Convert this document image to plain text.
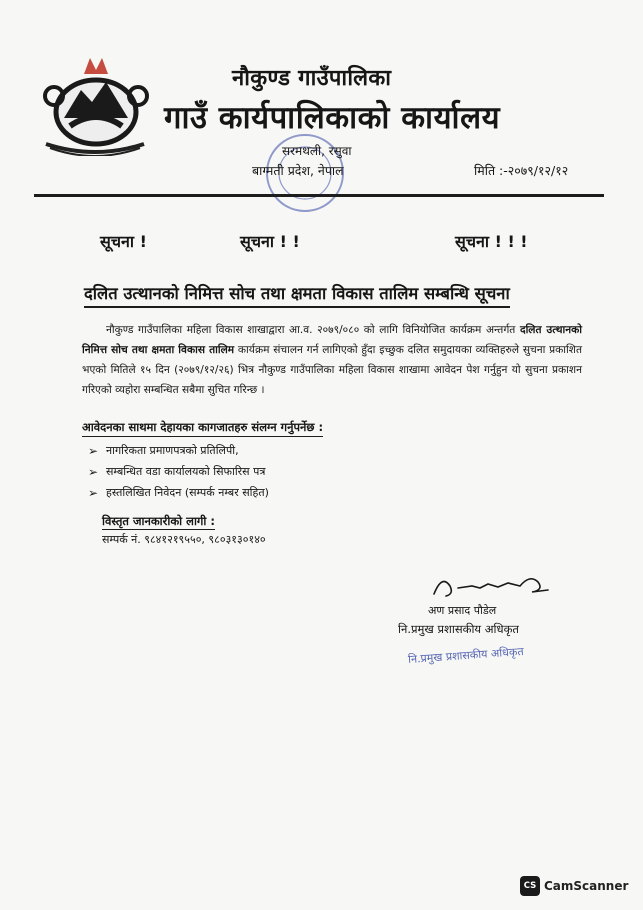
नौकुण्ड गाउँपालिका
गाउँ कार्यपालिकाको कार्यालय
सरमथली, रसुवा
बाग्मती प्रदेश, नेपाल	मिति :-२०७९/१२/१२
सूचना !	सूचना ! !	सूचना ! ! !
दलित उत्थानको निमित्त सोच तथा क्षमता विकास तालिम सम्बन्धि सूचना
नौकुण्ड गाउँपालिका महिला विकास शाखाद्वारा आ.व. २०७९/०८० को लागि विनियोजित कार्यक्रम अन्तर्गत दलित उत्थानको निमित्त सोच तथा क्षमता विकास तालिम कार्यक्रम संचालन गर्न लागिएको हुँदा इच्छुक दलित समुदायका व्यक्तिहरुले सुचना प्रकाशित भएको मितिले १५ दिन (२०७९/१२/२६) भित्र नौकुण्ड गाउँपालिका महिला विकास शाखामा आवेदन पेश गर्नुहुन यो सुचना प्रकाशन गरिएको व्यहोरा सम्बन्धित सबैमा सुचित गरिन्छ ।
आवेदनका साथमा देहायका कागजातहरु संलग्न गर्नुपर्नेछ :
➢ नागरिकता प्रमाणपत्रको प्रतिलिपी,
➢ सम्बन्धित वडा कार्यालयको सिफारिस पत्र
➢ हस्तलिखित निवेदन (सम्पर्क नम्बर सहित)
विस्तृत जानकारीको लागी :
सम्पर्क नं. ९८४१२१९५५०, ९८०३१३०१४०
अण प्रसाद पौडेल
नि.प्रमुख प्रशासकीय अधिकृत
नि.प्रमुख प्रशासकीय अधिकृत
CS CamScanner
